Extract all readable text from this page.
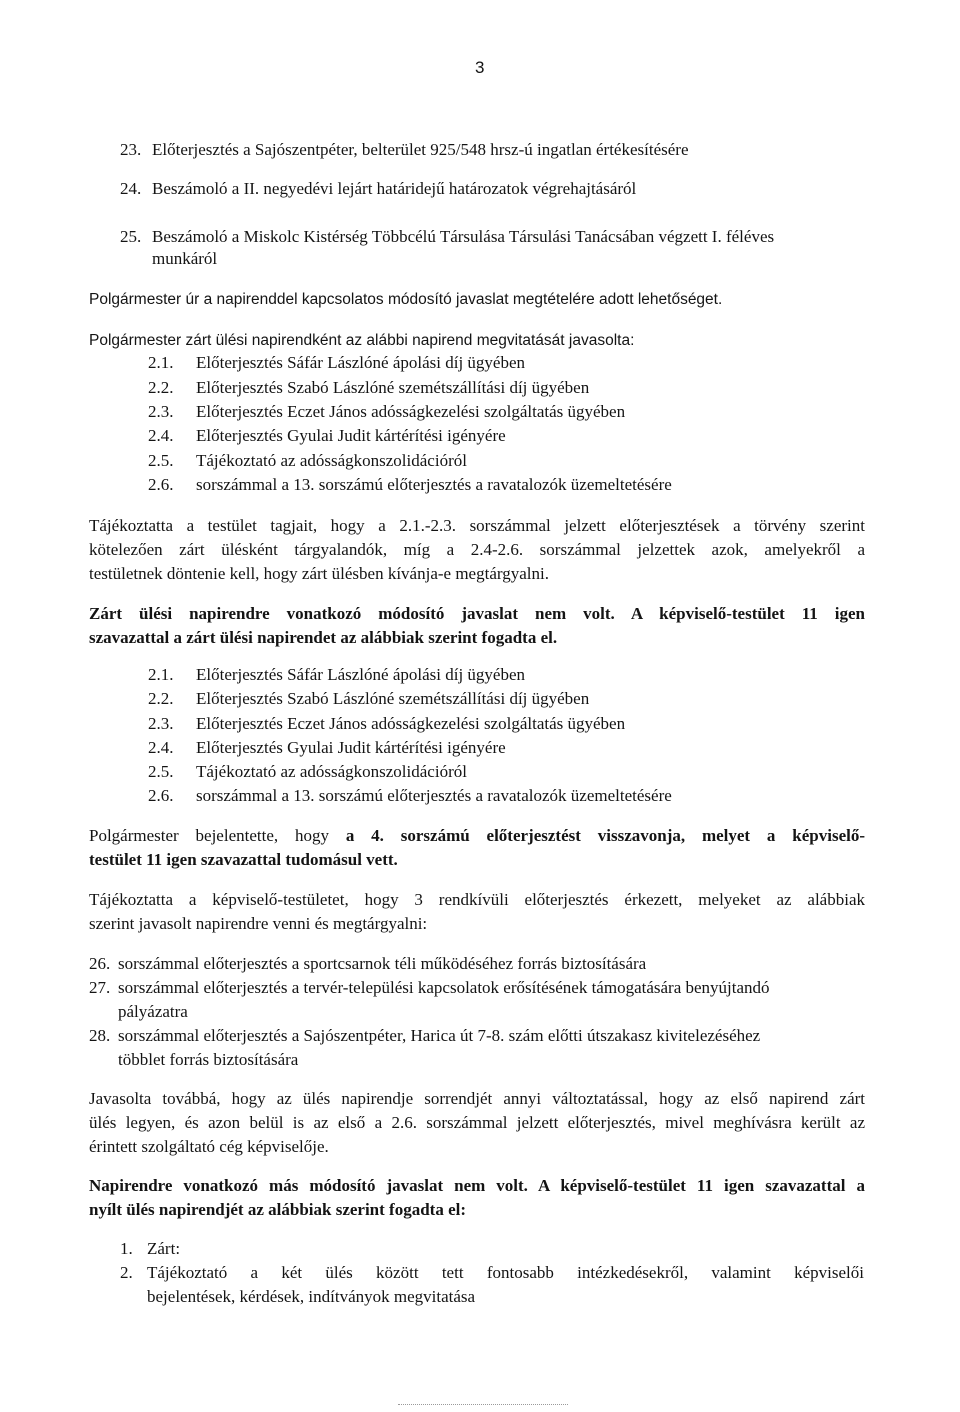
3
23. Előterjesztés a Sajószentpéter, belterület 925/548 hrsz-ú ingatlan értékesítésére
24. Beszámoló a II. negyedévi lejárt határidejű határozatok végrehajtásáról
25. Beszámoló a Miskolc Kistérség Többcélú Társulása Társulási Tanácsában végzett I. féléves
munkáról
Polgármester úr a napirenddel kapcsolatos módosító javaslat megtételére adott lehetőséget.
Polgármester zárt ülési napirendként az alábbi napirend megvitatását javasolta:
2.1. Előterjesztés Sáfár Lászlóné ápolási díj ügyében
2.2. Előterjesztés Szabó Lászlóné szemétszállítási díj ügyében
2.3. Előterjesztés Eczet János adósságkezelési szolgáltatás ügyében
2.4. Előterjesztés Gyulai Judit kártérítési igényére
2.5. Tájékoztató az adósságkonszolidációról
2.6. sorszámmal a 13. sorszámú előterjesztés a ravatalozók üzemeltetésére
Tájékoztatta a testület tagjait, hogy a 2.1.-2.3. sorszámmal jelzett előterjesztések a törvény szerint
kötelezően zárt ülésként tárgyalandók, míg a 2.4-2.6. sorszámmal jelzettek azok, amelyekről a
testületnek döntenie kell, hogy zárt ülésben kívánja-e megtárgyalni.
Zárt ülési napirendre vonatkozó módosító javaslat nem volt. A képviselő-testület 11 igen
szavazattal a zárt ülési napirendet az alábbiak szerint fogadta el.
2.1. Előterjesztés Sáfár Lászlóné ápolási díj ügyében
2.2. Előterjesztés Szabó Lászlóné szemétszállítási díj ügyében
2.3. Előterjesztés Eczet János adósságkezelési szolgáltatás ügyében
2.4. Előterjesztés Gyulai Judit kártérítési igényére
2.5. Tájékoztató az adósságkonszolidációról
2.6. sorszámmal a 13. sorszámú előterjesztés a ravatalozók üzemeltetésére
Polgármester bejelentette, hogy a 4. sorszámú előterjesztést visszavonja, melyet a képviselő-
testület 11 igen szavazattal tudomásul vett.
Tájékoztatta a képviselő-testületet, hogy 3 rendkívüli előterjesztés érkezett, melyeket az alábbiak
szerint javasolt napirendre venni és megtárgyalni:
26. sorszámmal előterjesztés a sportcsarnok téli működéséhez forrás biztosítására
27. sorszámmal előterjesztés a tervér-települési kapcsolatok erősítésének támogatására benyújtandó
pályázatra
28. sorszámmal előterjesztés a Sajószentpéter, Harica út 7-8. szám előtti útszakasz kivitelezéséhez
többlet forrás biztosítására
Javasolta továbbá, hogy az ülés napirendje sorrendjét annyi változtatással, hogy az első napirend zárt
ülés legyen, és azon belül is az első a 2.6. sorszámmal jelzett előterjesztés, mivel meghívásra került az
érintett szolgáltató cég képviselője.
Napirendre vonatkozó más módosító javaslat nem volt. A képviselő-testület 11 igen szavazattal a
nyílt ülés napirendjét az alábbiak szerint fogadta el:
1. Zárt:
2. Tájékoztató a két ülés között tett fontosabb intézkedésekről, valamint képviselői
bejelentések, kérdések, indítványok megvitatása
